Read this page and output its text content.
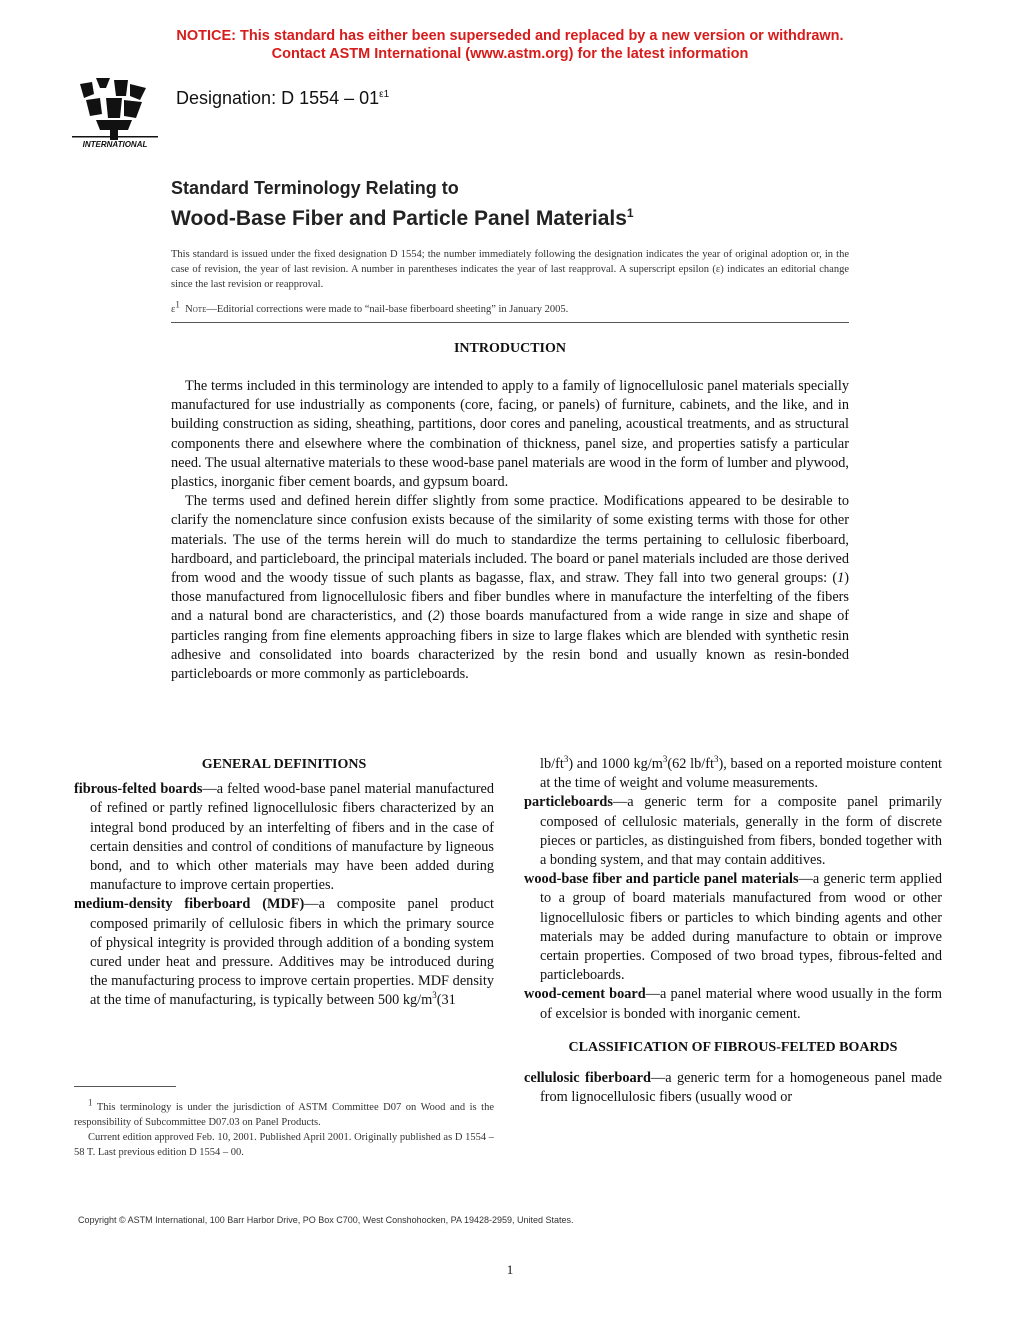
NOTICE: This standard has either been superseded and replaced by a new version or withdrawn.
Contact ASTM International (www.astm.org) for the latest information
INTERNATIONAL
Designation: D $1554 - 01^{\varepsilon 1}$
Standard Terminology Relating to
Wood-Base Fiber and Particle Panel Materials$^1$
This standard is issued under the fixed designation D 1554; the number immediately following the designation indicates the year of original adoption or, in the case of revision, the year of last revision. A number in parentheses indicates the year of last reapproval. A superscript epsilon (ε) indicates an editorial change since the last revision or reapproval.
$\varepsilon^1$ Note—Editorial corrections were made to “nail-base fiberboard sheeting” in January 2005.
INTRODUCTION

The terms included in this terminology are intended to apply to a family of lignocellulosic panel materials specially manufactured for use industrially as components (core, facing, or panels) of furniture, cabinets, and the like, and in building construction as siding, sheathing, partitions, door cores and paneling, acoustical treatments, and as structural components there and elsewhere where the combination of thickness, panel size, and properties satisfy a particular need. The usual alternative materials to these wood-base panel materials are wood in the form of lumber and plywood, plastics, inorganic fiber cement boards, and gypsum board.

The terms used and defined herein differ slightly from some practice. Modifications appeared to be desirable to clarify the nomenclature since confusion exists because of the similarity of some existing terms with those for other materials. The use of the terms herein will do much to standardize the terms pertaining to cellulosic fiberboard, hardboard, and particleboard, the principal materials included. The board or panel materials included are those derived from wood and the woody tissue of such plants as bagasse, flax, and straw. They fall into two general groups: (1) those manufactured from lignocellulosic fibers and fiber bundles where in manufacture the interfelting of the fibers and a natural bond are characteristics, and (2) those boards manufactured from a wide range in size and shape of particles ranging from fine elements approaching fibers in size to large flakes which are blended with synthetic resin adhesive and consolidated into boards characterized by the resin bond and usually known as resin-bonded particleboards or more commonly as particleboards.

GENERAL DEFINITIONS

fibrous-felted boards—a felted wood-base panel material manufactured of refined or partly refined lignocellulosic fibers characterized by an integral bond produced by an interfelting of fibers and in the case of certain densities and control of conditions of manufacture by ligneous bond, and to which other materials may have been added during manufacture to improve certain properties.

medium-density fiberboard (MDF)—a composite panel product composed primarily of cellulosic fibers in which the primary source of physical integrity is provided through addition of a bonding system cured under heat and pressure. Additives may be introduced during the manufacturing process to improve certain properties. MDF density at the time of manufacturing, is typically between 500 $kg/m^3(31$

$lb/ft^3$) and 1000 $kg/m^3(62$ $lb/ft^3$), based on a reported moisture content at the time of weight and volume measurements.

particleboards—a generic term for a composite panel primarily composed of cellulosic materials, generally in the form of discrete pieces or particles, as distinguished from fibers, bonded together with a bonding system, and that may contain additives.

wood-base fiber and particle panel materials—a generic term applied to a group of board materials manufactured from wood or other lignocellulosic fibers or particles to which binding agents and other materials may be added during manufacture to obtain or improve certain properties. Composed of two broad types, fibrous-felted and particleboards.

wood-cement board—a panel material where wood usually in the form of excelsior is bonded with inorganic cement.

CLASSIFICATION OF FIBROUS-FELTED BOARDS

cellulosic fiberboard—a generic term for a homogeneous panel made from lignocellulosic fibers (usually wood or

$^1$ This terminology is under the jurisdiction of ASTM Committee D07 on Wood and is the responsibility of Subcommittee D07.03 on Panel Products.

Current edition approved Feb. 10, 2001. Published April 2001. Originally published as D 1554 – 58 T. Last previous edition D 1554 – 00.

Copyright © ASTM International, 100 Barr Harbor Drive, PO Box C700, West Conshohocken, PA 19428-2959, United States.
1
